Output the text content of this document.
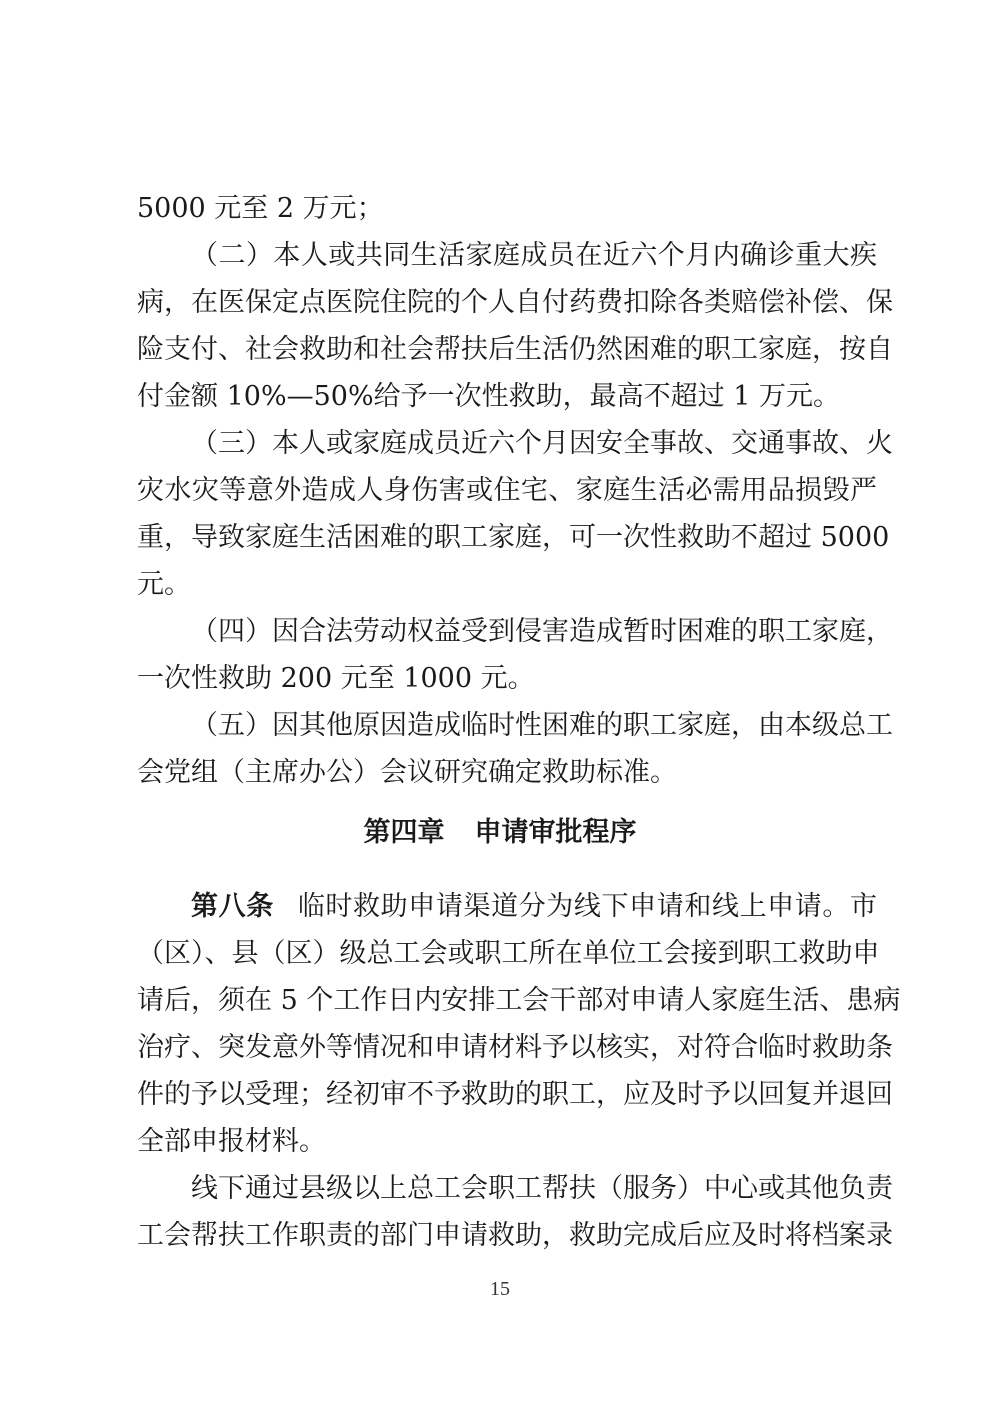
5000 元至 2 万元；
（二）本人或共同生活家庭成员在近六个月内确诊重大疾
病，在医保定点医院住院的个人自付药费扣除各类赔偿补偿、保
险支付、社会救助和社会帮扶后生活仍然困难的职工家庭，按自
付金额 10%—50%给予一次性救助，最高不超过 1 万元。
（三）本人或家庭成员近六个月因安全事故、交通事故、火
灾水灾等意外造成人身伤害或住宅、家庭生活必需用品损毁严
重，导致家庭生活困难的职工家庭，可一次性救助不超过 5000
元。
（四）因合法劳动权益受到侵害造成暂时困难的职工家庭，
一次性救助 200 元至 1000 元。
（五）因其他原因造成临时性困难的职工家庭，由本级总工
会党组（主席办公）会议研究确定救助标准。
第四章 申请审批程序
第八条 临时救助申请渠道分为线下申请和线上申请。市
（区）、县（区）级总工会或职工所在单位工会接到职工救助申
请后，须在 5 个工作日内安排工会干部对申请人家庭生活、患病
治疗、突发意外等情况和申请材料予以核实，对符合临时救助条
件的予以受理；经初审不予救助的职工，应及时予以回复并退回
全部申报材料。
线下通过县级以上总工会职工帮扶（服务）中心或其他负责
工会帮扶工作职责的部门申请救助，救助完成后应及时将档案录
15
